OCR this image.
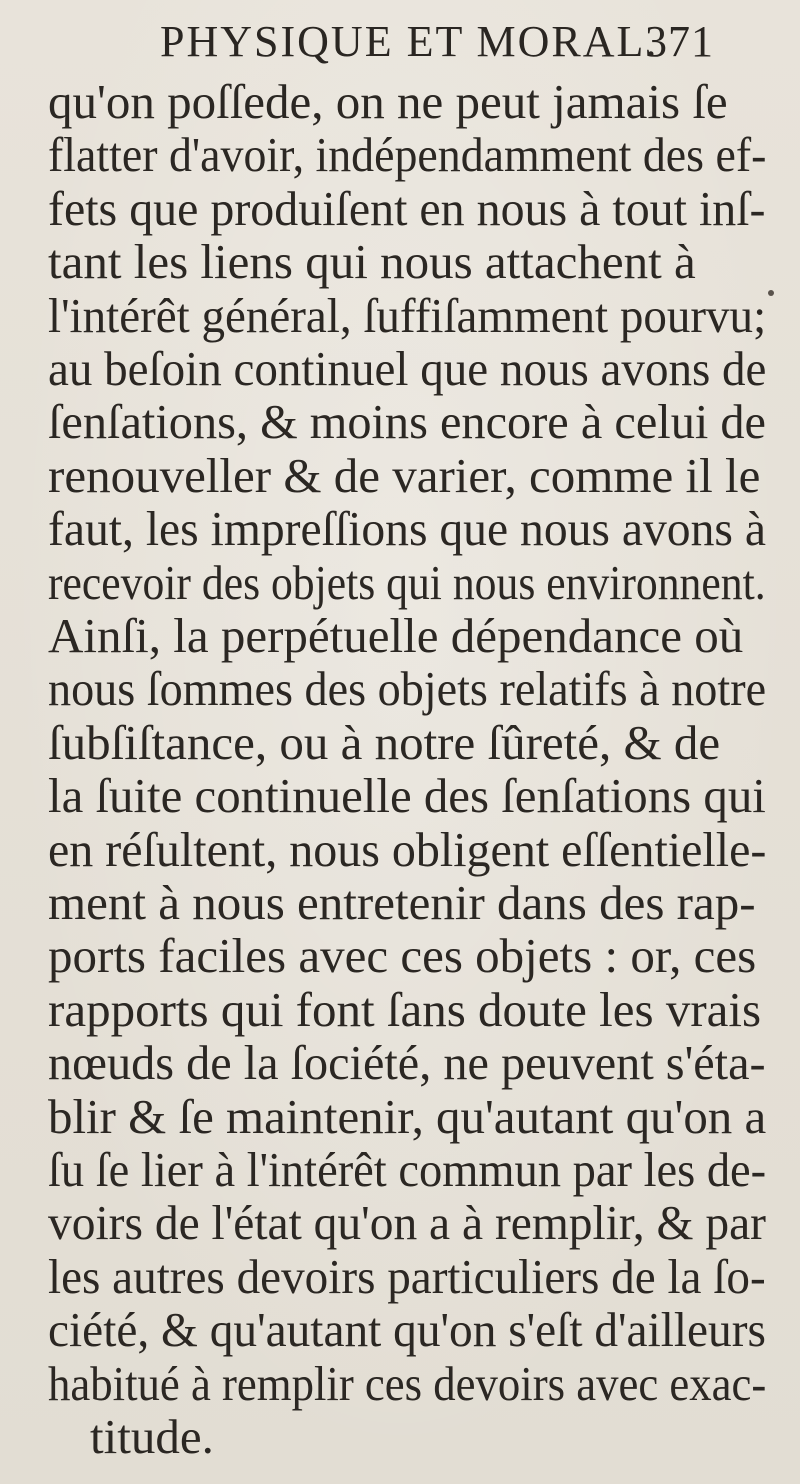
PHYSIQUE ET MORAL.
371
qu'on poſſede, on ne peut jamais ſe
flatter d'avoir, indépendamment des ef-
fets que produiſent en nous à tout inſ-
tant les liens qui nous attachent à
l'intérêt général, ſuffiſamment pourvu;
au beſoin continuel que nous avons de
ſenſations, & moins encore à celui de
renouveller & de varier, comme il le
faut, les impreſſions que nous avons à
recevoir des objets qui nous environnent.
Ainſi, la perpétuelle dépendance où
nous ſommes des objets relatifs à notre
ſubſiſtance, ou à notre ſûreté, & de
la ſuite continuelle des ſenſations qui
en réſultent, nous obligent eſſentielle-
ment à nous entretenir dans des rap-
ports faciles avec ces objets : or, ces
rapports qui font ſans doute les vrais
nœuds de la ſociété, ne peuvent s'éta-
blir & ſe maintenir, qu'autant qu'on a
ſu ſe lier à l'intérêt commun par les de-
voirs de l'état qu'on a à remplir, & par
les autres devoirs particuliers de la ſo-
ciété, & qu'autant qu'on s'eſt d'ailleurs
habitué à remplir ces devoirs avec exac-
titude.
